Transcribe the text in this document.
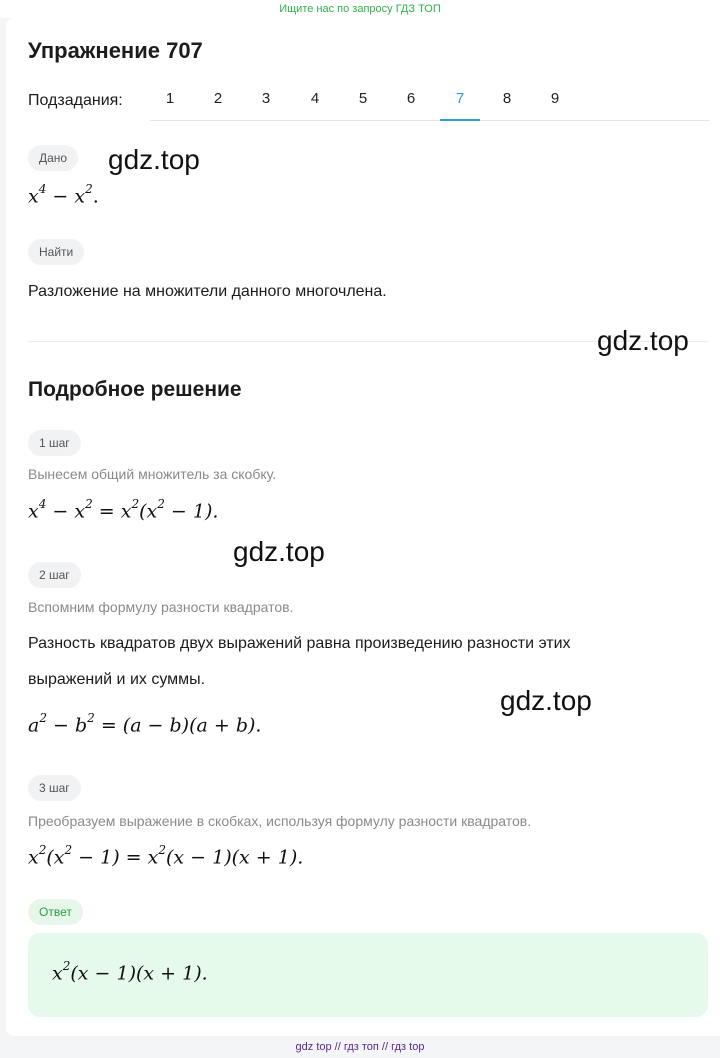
Ищите нас по запросу ГДЗ ТОП
Упражнение 707
Подзадания:	1	2	3	4	5	6	7	8	9
Дано	gdz.top
$x^4 - x^2$.
Найти
Разложение на множители данного многочлена.
gdz.top
Подробное решение
1 шаг
Вынесем общий множитель за скобку.
$x^4 - x^2 = x^2(x^2 - 1)$.
gdz.top
2 шаг
Вспомним формулу разности квадратов.
Разность квадратов двух выражений равна произведению разности этих
выражений и их суммы.
gdz.top
$a^2 - b^2 = (a - b)(a + b)$.
3 шаг
Преобразуем выражение в скобках, используя формулу разности квадратов.
$x^2(x^2 - 1) = x^2(x - 1)(x + 1)$.
Ответ
$x^2(x - 1)(x + 1)$.
gdz top // гдз топ // гдз top
